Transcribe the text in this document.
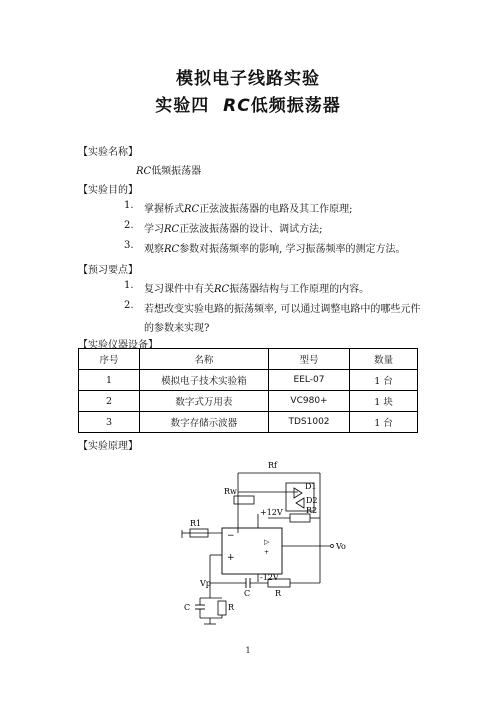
模拟电子线路实验
实验四 RC低频振荡器
【实验名称】
RC低频振荡器
【实验目的】
1. 掌握桥式RC正弦波振荡器的电路及其工作原理;
2. 学习RC正弦波振荡器的设计、调试方法;
3. 观察RC参数对振荡频率的影响, 学习振荡频率的测定方法。
【预习要点】
1. 复习课件中有关RC振荡器结构与工作原理的内容。
2. 若想改变实验电路的振荡频率, 可以通过调整电路中的哪些元件
的参数来实现?
【实验仪器设备】
序号	名称	型号	数量
1	模拟电子技术实验箱	EEL-07	1 台
2	数字式万用表	VC980+	1 块
3	数字存储示波器	TDS1002	1 台
【实验原理】
Rf
Rw
D1
D2
R2
+12V
−
+
▷
+
R1
Vo
-12V
Vp
C	R
C	R
1
